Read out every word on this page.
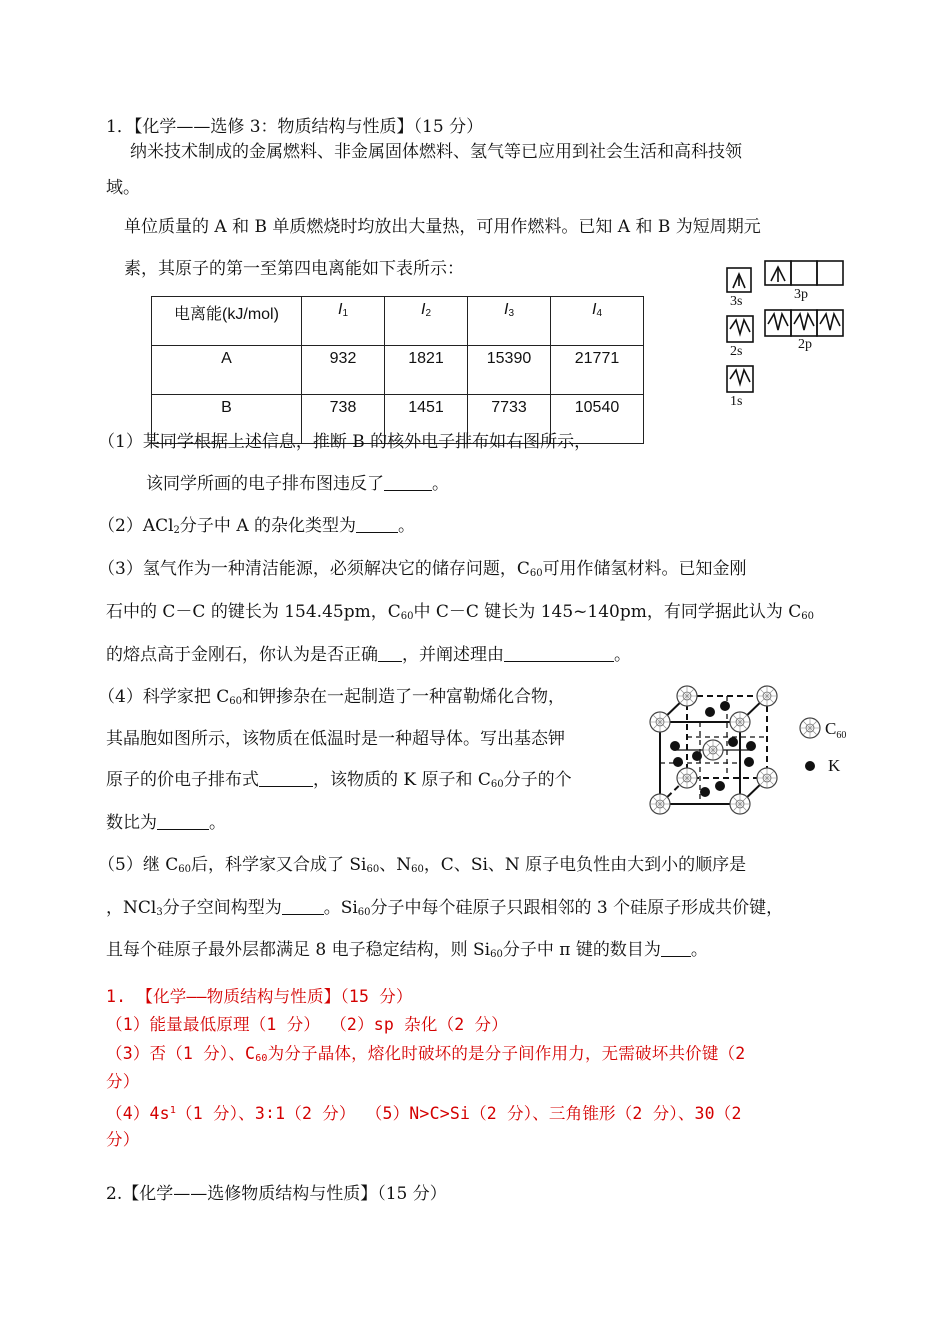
1．【化学——选修 3：物质结构与性质】（15 分）
纳米技术制成的金属燃料、非金属固体燃料、氢气等已应用到社会生活和高科技领
域。
单位质量的 A 和 B 单质燃烧时均放出大量热，可用作燃料。已知 A 和 B 为短周期元
素，其原子的第一至第四电离能如下表所示：
电离能(kJ/mol)	$I_1$	$I_2$	$I_3$	$I_4$
A	932	1821	15390	21771
B	738	1451	7733	10540
3s	3p
2s	2p
1s
（1）某同学根据上述信息，推断 B 的核外电子排布如右图所示，
该同学所画的电子排布图违反了	。
（2）ACl$_2$分子中 A 的杂化类型为 。
（3）氢气作为一种清洁能源，必须解决它的储存问题，$C_{60}$可用作储氢材料。已知金刚
石中的 C－C 的键长为 154.45pm，$C_{60}$中 C－C 键长为 145~140pm，有同学据此认为 $C_{60}$
的熔点高于金刚石，你认为是否正确 ，并阐述理由	。
（4）科学家把 $C_{60}$和钾掺杂在一起制造了一种富勒烯化合物，
其晶胞如图所示，该物质在低温时是一种超导体。写出基态钾
原子的价电子排布式	，该物质的 K 原子和 $C_{60}$分子的个
数比为	。
$C_{60}$
K
（5）继 $C_{60}$后，科学家又合成了 $Si_{60}$、$N_{60}$，C、Si、N 原子电负性由大到小的顺序是
，NCl$_3$分子空间构型为 。$Si_{60}$分子中每个硅原子只跟相邻的 3 个硅原子形成共价键，
且每个硅原子最外层都满足 8 电子稳定结构，则 $Si_{60}$分子中 π 键的数目为 。
1. 【化学——物质结构与性质】（15 分）
（1）能量最低原理（1 分） （2）sp 杂化（2 分）
（3）否（1 分）、$C_{60}$为分子晶体，熔化时破坏的是分子间作用力，无需破坏共价键（2
分）
$(4)4s^1(1$ 分）、3∶1（2 分） （5）N>C>Si（2 分）、三角锥形（2 分）、30（2
分）
2.【化学——选修物质结构与性质】（15 分）
